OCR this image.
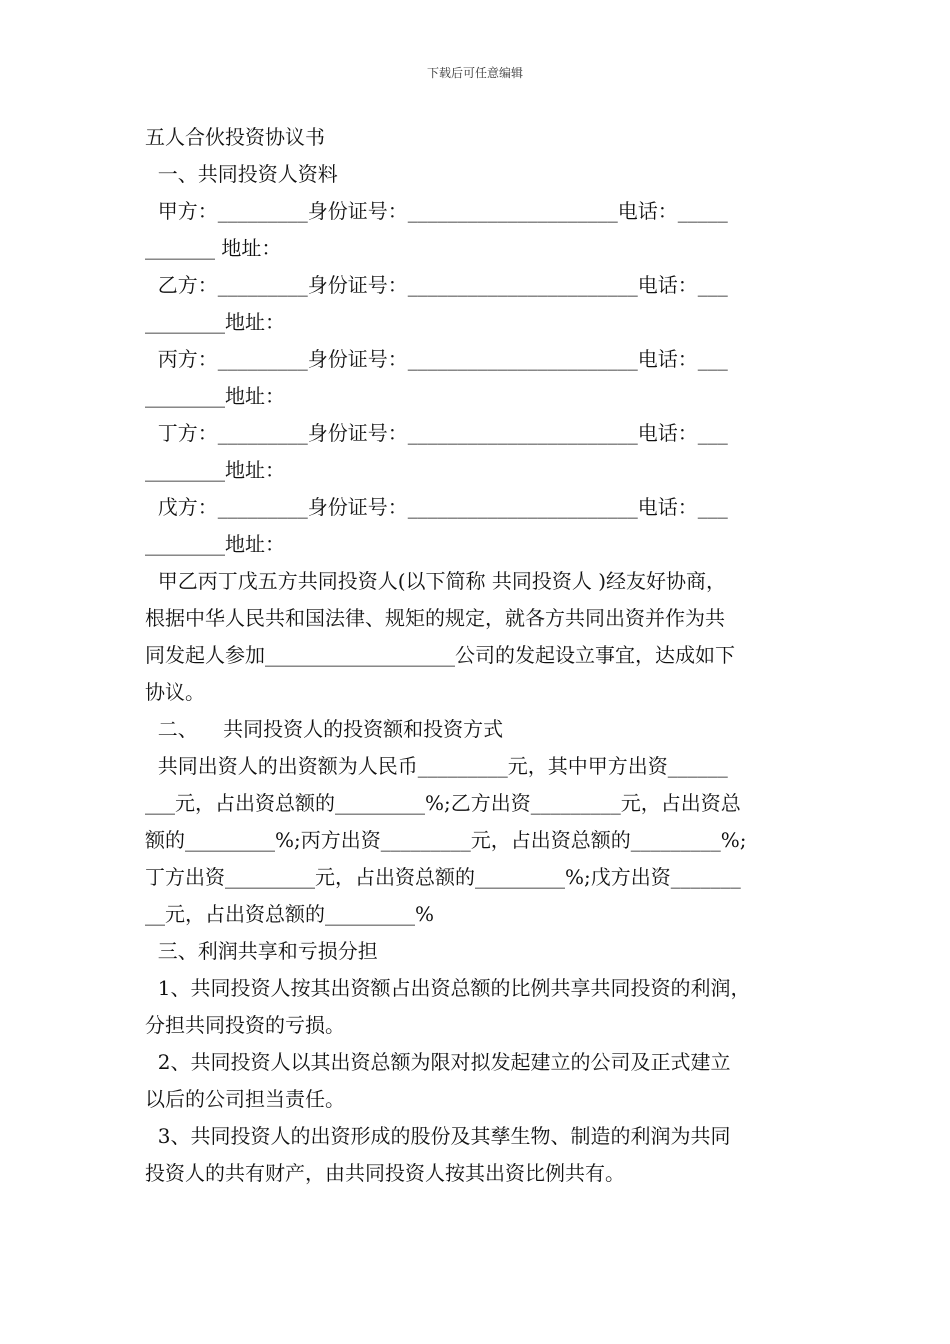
下载后可任意编辑
五人合伙投资协议书
一、共同投资人资料
甲方：_________身份证号：_____________________电话：_____
_______ 地址：
乙方：_________身份证号：_______________________电话：___
________地址：
丙方：_________身份证号：_______________________电话：___
________地址：
丁方：_________身份证号：_______________________电话：___
________地址：
戊方：_________身份证号：_______________________电话：___
________地址：
甲乙丙丁戊五方共同投资人(以下简称 共同投资人 )经友好协商，
根据中华人民共和国法律、规矩的规定，就各方共同出资并作为共
同发起人参加___________________公司的发起设立事宜，达成如下
协议。
二、    共同投资人的投资额和投资方式
共同出资人的出资额为人民币_________元，其中甲方出资______
___元，占出资总额的_________%;乙方出资_________元，占出资总
额的_________%;丙方出资_________元，占出资总额的_________%;
丁方出资_________元，占出资总额的_________%;戊方出资_______
__元，占出资总额的_________%
三、利润共享和亏损分担
1、共同投资人按其出资额占出资总额的比例共享共同投资的利润，
分担共同投资的亏损。
2、共同投资人以其出资总额为限对拟发起建立的公司及正式建立
以后的公司担当责任。
3、共同投资人的出资形成的股份及其孳生物、制造的利润为共同
投资人的共有财产，由共同投资人按其出资比例共有。
